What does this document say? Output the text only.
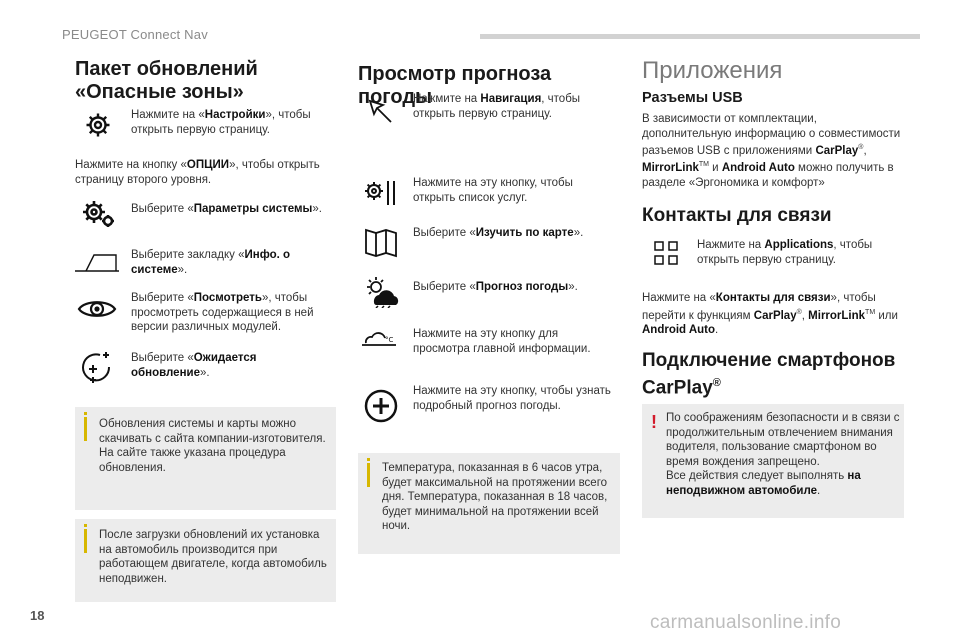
PEUGEOT Connect Nav
Пакет обновлений «Опасные зоны»
Нажмите на «Настройки», чтобы открыть первую страницу.
Нажмите на кнопку «ОПЦИИ», чтобы открыть страницу второго уровня.
Выберите «Параметры системы».
Выберите закладку «Инфо. о системе».
Выберите «Посмотреть», чтобы просмотреть содержащиеся в ней версии различных модулей.
Выберите «Ожидается обновление».
Обновления системы и карты можно скачивать с сайта компании-изготовителя. На сайте также указана процедура обновления.
После загрузки обновлений их установка на автомобиль производится при работающем двигателе, когда автомобиль неподвижен.
Просмотр прогноза погоды
Нажмите на Навигация, чтобы открыть первую страницу.
Нажмите на эту кнопку, чтобы открыть список услуг.
Выберите «Изучить по карте».
Выберите «Прогноз погоды».
°C Нажмите на эту кнопку для просмотра главной информации.
Нажмите на эту кнопку, чтобы узнать подробный прогноз погоды.
Температура, показанная в 6 часов утра, будет максимальной на протяжении всего дня. Температура, показанная в 18 часов, будет минимальной на протяжении всей ночи.
Приложения
Разъемы USB
В зависимости от комплектации, дополнительную информацию о совместимости разъемов USB с приложениями CarPlay®, MirrorLink™ и Android Auto можно получить в разделе «Эргономика и комфорт»
Контакты для связи
Нажмите на Applications, чтобы открыть первую страницу.
Нажмите на «Контакты для связи», чтобы перейти к функциям CarPlay®, MirrorLink™ или Android Auto.
Подключение смартфонов CarPlay®
! По соображениям безопасности и в связи с продолжительным отвлечением внимания водителя, пользование смартфоном во время вождения запрещено.
Все действия следует выполнять на неподвижном автомобиле.
18	carmanualsonline.info
